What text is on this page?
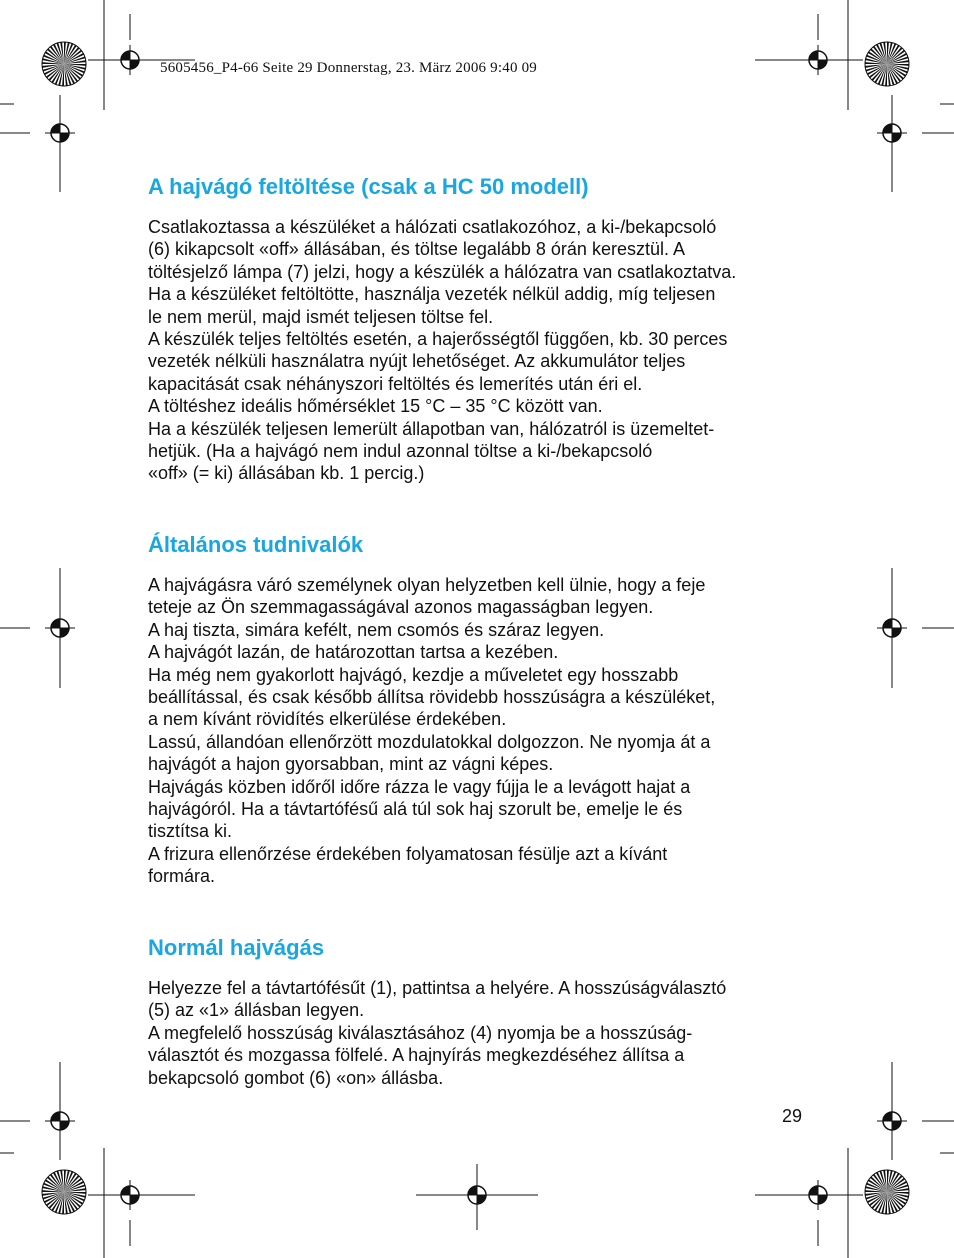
5605456_P4-66 Seite 29 Donnerstag, 23. März 2006 9:40 09
A hajvágó feltöltése (csak a HC 50 modell)
Csatlakoztassa a készüléket a hálózati csatlakozóhoz, a ki-/bekapcsoló
(6) kikapcsolt «off» állásában, és töltse legalább 8 órán keresztül. A
töltésjelző lámpa (7) jelzi, hogy a készülék a hálózatra van csatlakoztatva.
Ha a készüléket feltöltötte, használja vezeték nélkül addig, míg teljesen
le nem merül, majd ismét teljesen töltse fel.
A készülék teljes feltöltés esetén, a hajerősségtől függően, kb. 30 perces
vezeték nélküli használatra nyújt lehetőséget. Az akkumulátor teljes
kapacitását csak néhányszori feltöltés és lemerítés után éri el.
A töltéshez ideális hőmérséklet 15 °C – 35 °C között van.
Ha a készülék teljesen lemerült állapotban van, hálózatról is üzemeltet-
hetjük. (Ha a hajvágó nem indul azonnal töltse a ki-/bekapcsoló
«off» (= ki) állásában kb. 1 percig.)
Általános tudnivalók
A hajvágásra váró személynek olyan helyzetben kell ülnie, hogy a feje
teteje az Ön szemmagasságával azonos magasságban legyen.
A haj tiszta, simára kefélt, nem csomós és száraz legyen.
A hajvágót lazán, de határozottan tartsa a kezében.
Ha még nem gyakorlott hajvágó, kezdje a műveletet egy hosszabb
beállítással, és csak később állítsa rövidebb hosszúságra a készüléket,
a nem kívánt rövidítés elkerülése érdekében.
Lassú, állandóan ellenőrzött mozdulatokkal dolgozzon. Ne nyomja át a
hajvágót a hajon gyorsabban, mint az vágni képes.
Hajvágás közben időről időre rázza le vagy fújja le a levágott hajat a
hajvágóról. Ha a távtartófésű alá túl sok haj szorult be, emelje le és
tisztítsa ki.
A frizura ellenőrzése érdekében folyamatosan fésülje azt a kívánt
formára.
Normál hajvágás
Helyezze fel a távtartófésűt (1), pattintsa a helyére. A hosszúságválasztó
(5) az «1» állásban legyen.
A megfelelő hosszúság kiválasztásához (4) nyomja be a hosszúság-
választót és mozgassa fölfelé. A hajnyírás megkezdéséhez állítsa a
bekapcsoló gombot (6) «on» állásba.
29
